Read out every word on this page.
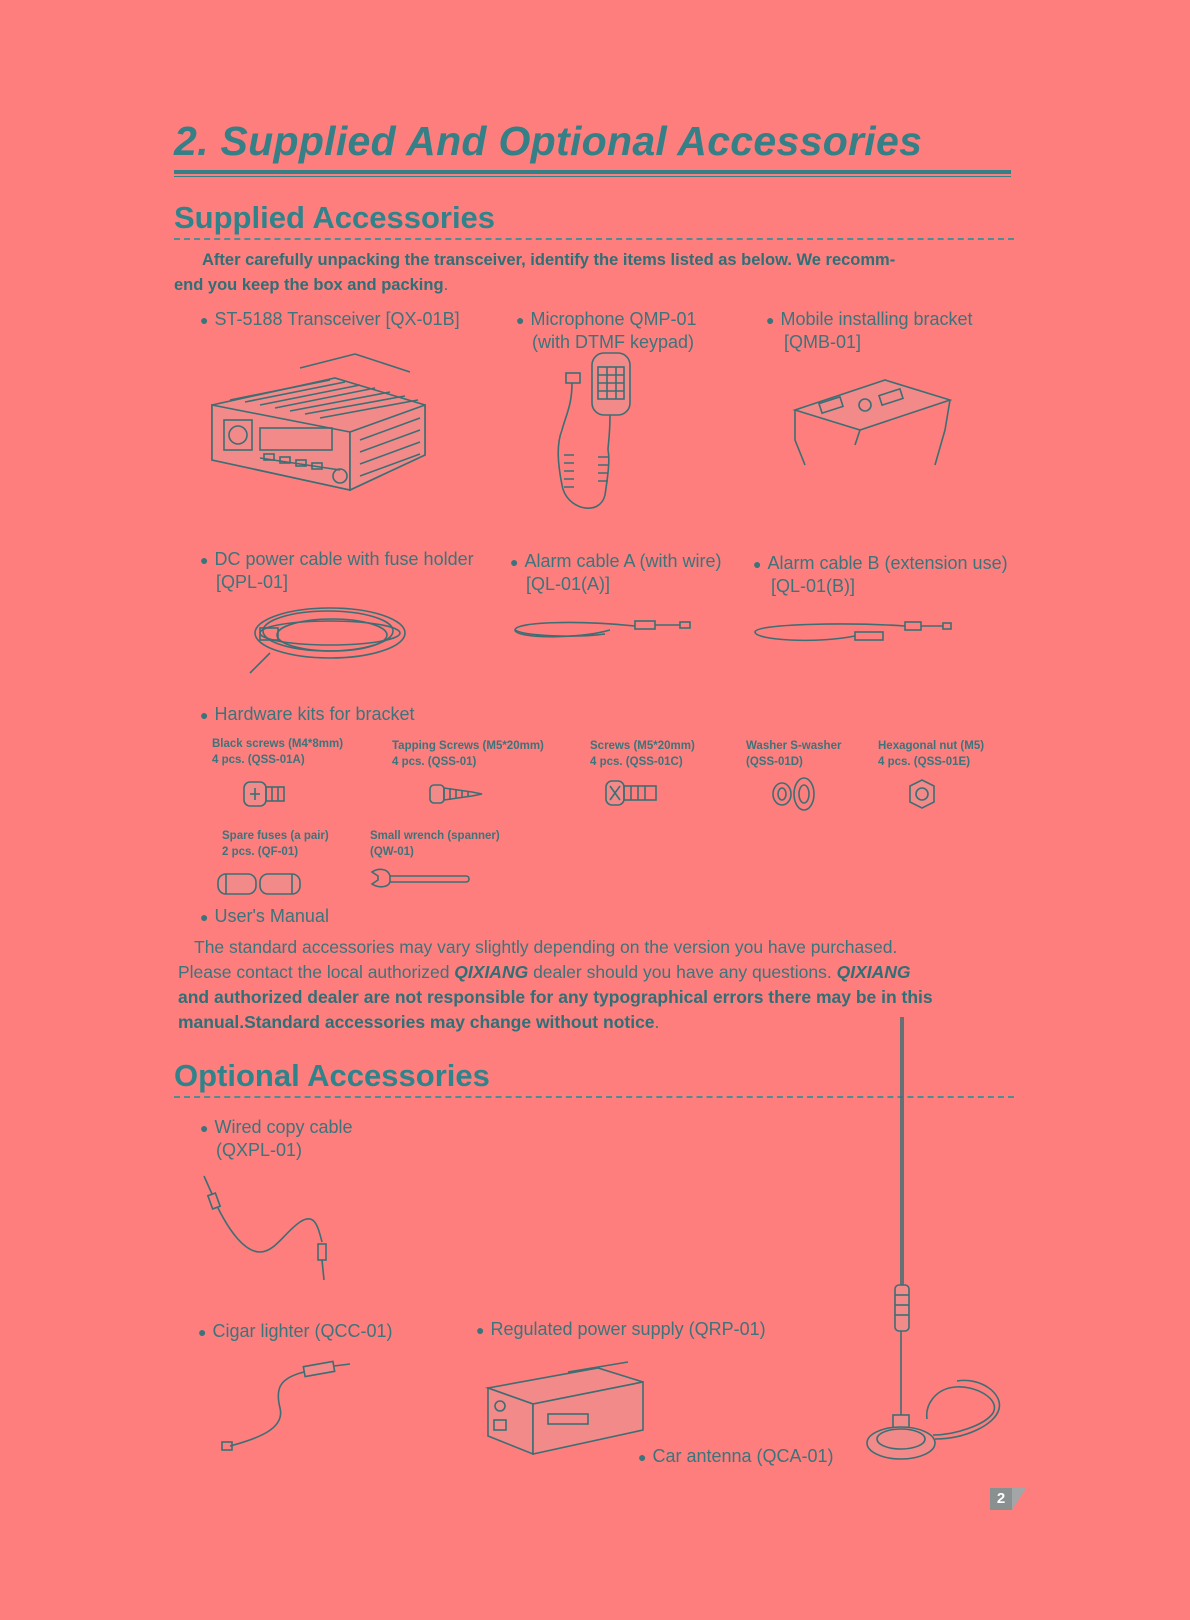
2. Supplied And Optional Accessories
Supplied Accessories
After carefully unpacking the transceiver, identify the items listed as below. We recomm-
end you keep the box and packing.
● ST-5188 Transceiver [QX-01B]	● Microphone QMP-01
(with DTMF keypad)
● Mobile installing bracket
[QMB-01]
● DC power cable with fuse holder
[QPL-01]
● Alarm cable A (with wire)
[QL-01(A)]
● Alarm cable B (extension use)
[QL-01(B)]
● Hardware kits for bracket
Black screws (M4*8mm)
4 pcs. (QSS-01A)
Tapping Screws (M5*20mm)
4 pcs. (QSS-01)
Screws (M5*20mm)
4 pcs. (QSS-01C)
Washer S-washer
(QSS-01D)
Hexagonal nut (M5)
4 pcs. (QSS-01E)
Spare fuses (a pair)
2 pcs. (QF-01)
Small wrench (spanner)
(QW-01)
● User's Manual
The standard accessories may vary slightly depending on the version you have purchased.
Please contact the local authorized QIXIANG dealer should you have any questions. QIXIANG
and authorized dealer are not responsible for any typographical errors there may be in this
manual.Standard accessories may change without notice.
Optional Accessories
● Wired copy cable
(QXPL-01)
● Cigar lighter (QCC-01)	● Regulated power supply (QRP-01)
● Car antenna (QCA-01)
2
